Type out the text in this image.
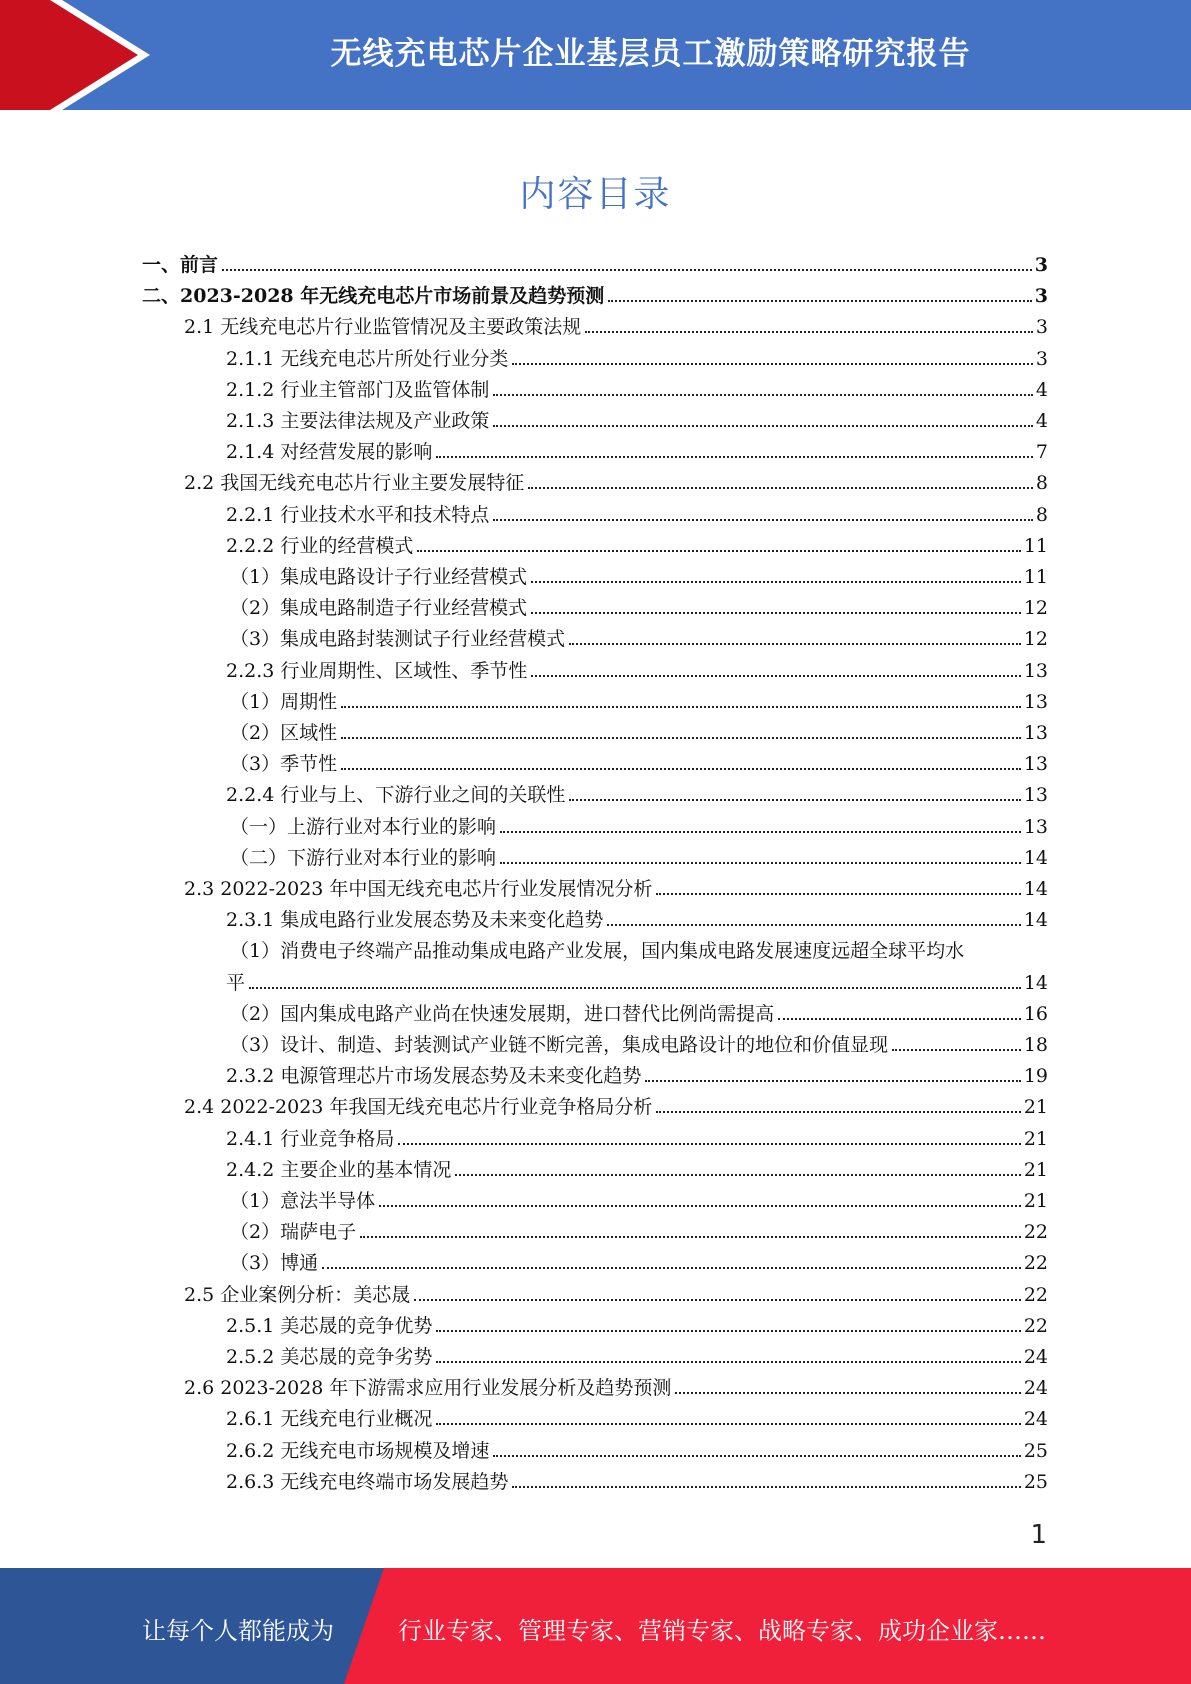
无线充电芯片企业基层员工激励策略研究报告
内容目录
一、前言	3
二、2023-2028 年无线充电芯片市场前景及趋势预测	3
2.1 无线充电芯片行业监管情况及主要政策法规	3
2.1.1 无线充电芯片所处行业分类	3
2.1.2 行业主管部门及监管体制	4
2.1.3 主要法律法规及产业政策	4
2.1.4 对经营发展的影响	7
2.2 我国无线充电芯片行业主要发展特征	8
2.2.1 行业技术水平和技术特点	8
2.2.2 行业的经营模式	11
（1）集成电路设计子行业经营模式	11
（2）集成电路制造子行业经营模式	12
（3）集成电路封装测试子行业经营模式	12
2.2.3 行业周期性、区域性、季节性	13
（1）周期性	13
（2）区域性	13
（3）季节性	13
2.2.4 行业与上、下游行业之间的关联性	13
（一）上游行业对本行业的影响	13
（二）下游行业对本行业的影响	14
2.3 2022-2023 年中国无线充电芯片行业发展情况分析	14
2.3.1 集成电路行业发展态势及未来变化趋势	14
（1）消费电子终端产品推动集成电路产业发展，国内集成电路发展速度远超全球平均水
平	14
（2）国内集成电路产业尚在快速发展期，进口替代比例尚需提高	16
（3）设计、制造、封装测试产业链不断完善，集成电路设计的地位和价值显现	18
2.3.2 电源管理芯片市场发展态势及未来变化趋势	19
2.4 2022-2023 年我国无线充电芯片行业竞争格局分析	21
2.4.1 行业竞争格局	21
2.4.2 主要企业的基本情况	21
（1）意法半导体	21
（2）瑞萨电子	22
（3）博通	22
2.5 企业案例分析：美芯晟	22
2.5.1 美芯晟的竞争优势	22
2.5.2 美芯晟的竞争劣势	24
2.6 2023-2028 年下游需求应用行业发展分析及趋势预测	24
2.6.1 无线充电行业概况	24
2.6.2 无线充电市场规模及增速	25
2.6.3 无线充电终端市场发展趋势	25
1
让每个人都能成为	行业专家、管理专家、营销专家、战略专家、成功企业家……
